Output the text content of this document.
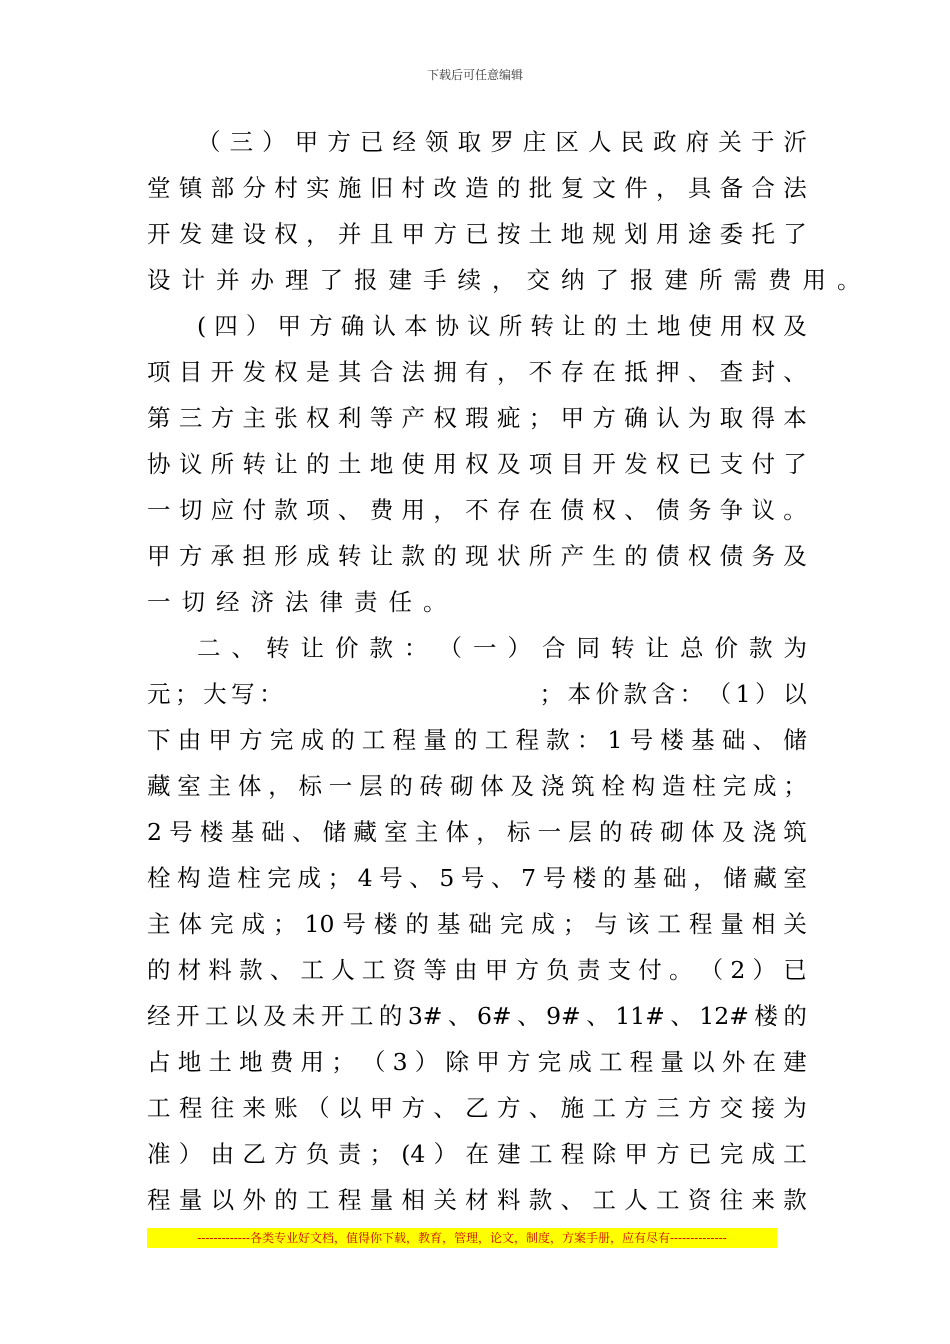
下载后可任意编辑
（ 三 ） 甲 方 已 经 领 取 罗 庄 区 人 民 政 府 关 于 沂
堂 镇 部 分 村 实 施 旧 村 改 造 的 批 复 文 件 ， 具 备 合 法
开 发 建 设 权 ， 并 且 甲 方 已 按 土 地 规 划 用 途 委 托 了
设计并办理了报建手续，交纳了报建所需费用。
( 四 ） 甲 方 确 认 本 协 议 所 转 让 的 土 地 使 用 权 及
项 目 开 发 权 是 其 合 法 拥 有 ， 不 存 在 抵 押 、 查 封 、
第 三 方 主 张 权 利 等 产 权 瑕 疵 ； 甲 方 确 认 为 取 得 本
协 议 所 转 让 的 土 地 使 用 权 及 项 目 开 发 权 已 支 付 了
一 切 应 付 款 项 、 费 用 ， 不 存 在 债 权 、 债 务 争 议 。
甲 方 承 担 形 成 转 让 款 的 现 状 所 产 生 的 债 权 债 务 及
一切经济法律责任。
二 、 转 让 价 款 ： （ 一 ） 合 同 转 让 总 价 款 为
元 ； 大 写 ：

　	； 本 价 款 含 ： （ 1 ） 以
下 由 甲 方 完 成 的 工 程 量 的 工 程 款 ： 1 号 楼 基 础 、 储
藏 室 主 体 ， 标 一 层 的 砖 砌 体 及 浇 筑 栓 构 造 柱 完 成 ；
2 号 楼 基 础 、 储 藏 室 主 体 ， 标 一 层 的 砖 砌 体 及 浇 筑
栓 构 造 柱 完 成 ； 4 号 、 5 号 、 7 号 楼 的 基 础 ， 储 藏 室
主 体 完 成 ； 10 号 楼 的 基 础 完 成 ； 与 该 工 程 量 相 关
的 材 料 款 、 工 人 工 资 等 由 甲 方 负 责 支 付 。 （ 2 ） 已
经 开 工 以 及 未 开 工 的 3# 、 6# 、 9# 、 11# 、 12# 楼 的
占 地 土 地 费 用 ； （ 3 ） 除 甲 方 完 成 工 程 量 以 外 在 建
工 程 往 来 账 （ 以 甲 方 、 乙 方 、 施 工 方 三 方 交 接 为
准 ） 由 乙 方 负 责 ； (4 ） 在 建 工 程 除 甲 方 已 完 成 工
程 量 以 外 的 工 程 量 相 关 材 料 款 、 工 人 工 资 往 来 款
-------------各类专业好文档，值得你下载，教育，管理，论文，制度，方案手册，应有尽有--------------
